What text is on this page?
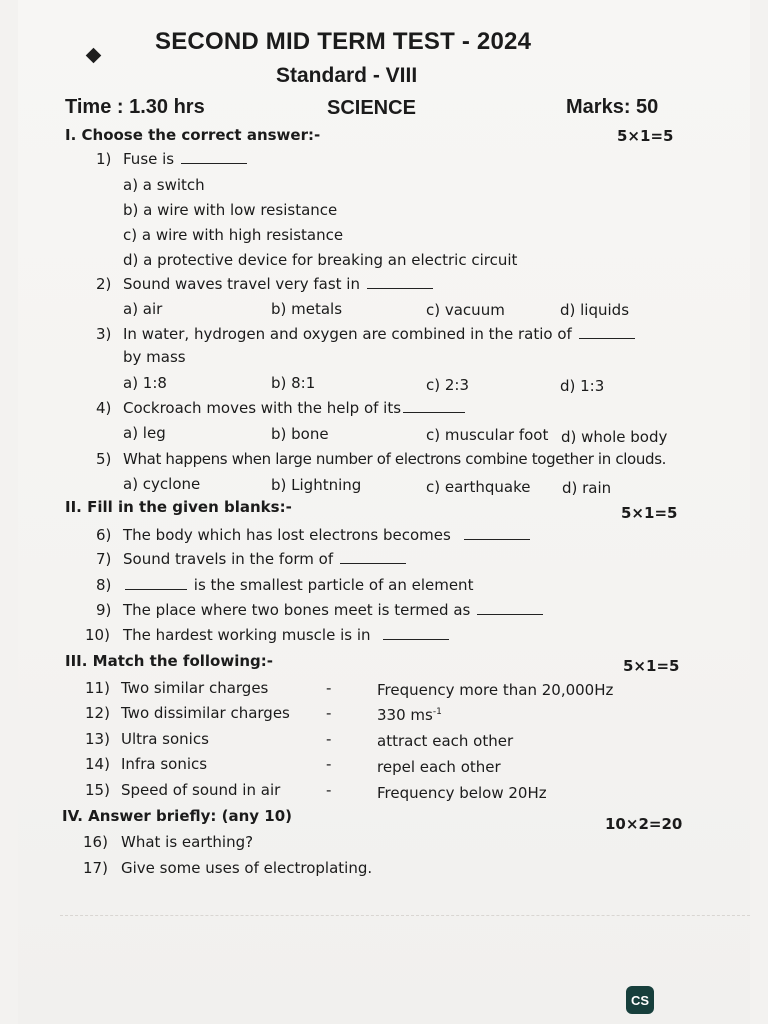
SECOND MID TERM TEST - 2024
Standard - VIII
Time : 1.30 hrs	SCIENCE	Marks: 50
I. Choose the correct answer:-	5×1=5
1) Fuse is
a) a switch
b) a wire with low resistance
c) a wire with high resistance
d) a protective device for breaking an electric circuit
2) Sound waves travel very fast in
a) air	b) metals	c) vacuum	d) liquids
3) In water, hydrogen and oxygen are combined in the ratio of
by mass
a) 1:8	b) 8:1	c) 2:3	d) 1:3
4) Cockroach moves with the help of its
a) leg	b) bone	c) muscular foot d) whole body
5) What happens when large number of electrons combine together in clouds.
a) cyclone	b) Lightning	c) earthquake d) rain
II. Fill in the given blanks:-	5×1=5
6) The body which has lost electrons becomes
7) Sound travels in the form of
8)	is the smallest particle of an element
9) The place where two bones meet is termed as
10) The hardest working muscle is in
III. Match the following:-	5×1=5
11) Two similar charges	-	Frequency more than 20,000Hz
12) Two dissimilar charges -	330 $ms^{-1}$
13) Ultra sonics	-	attract each other
14) Infra sonics	-	repel each other
15) Speed of sound in air	-	Frequency below 20Hz
IV. Answer briefly: (any 10)	10×2=20
16) What is earthing?
17) Give some uses of electroplating.
CS
